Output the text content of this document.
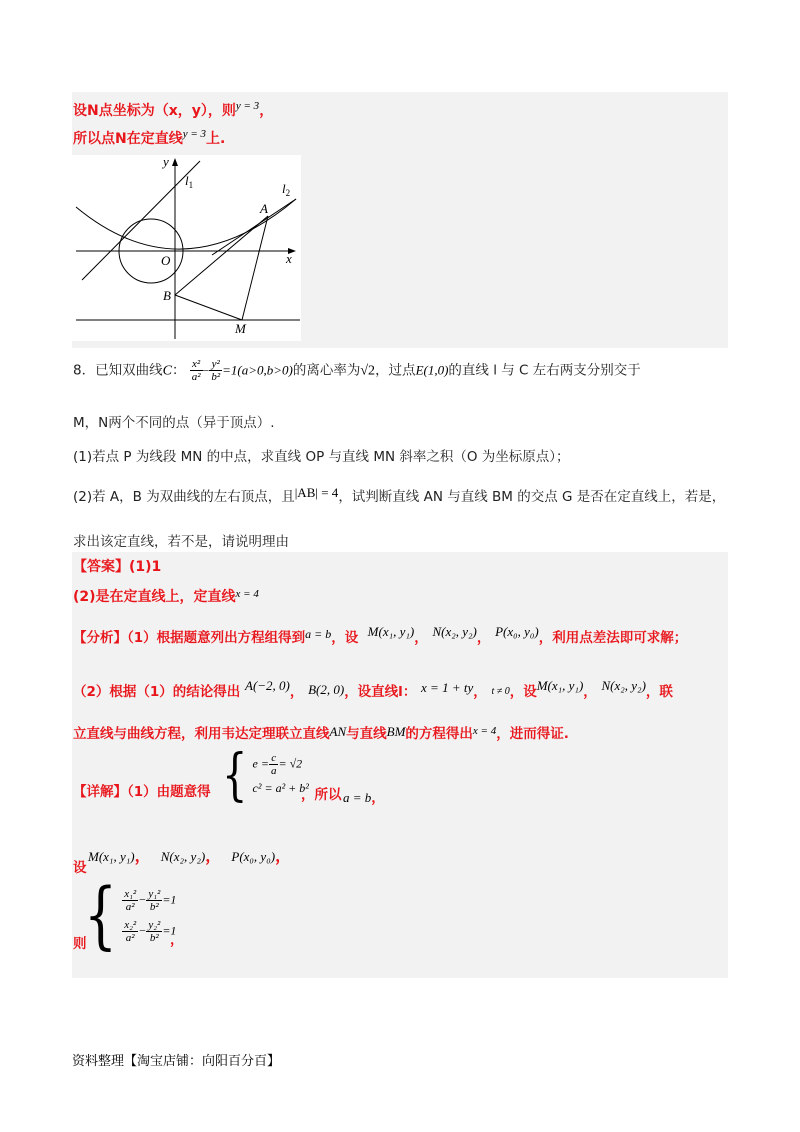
设N点坐标为（x，y），则$^{y = 3}$，
所以点N在定直线$^{y = 3}$上.
y
x
O
A
B
M
$l_1$	$l_2$
8．已知双曲线C： $\frac{\text{x²}}{\text{a²}} - \frac{\text{y²}}{\text{b²}} =1(a>0,b>0)$的离心率为√2，过点E(1,0)的直线 l 与 C 左右两支分别交于
M，N两个不同的点（异于顶点）.
(1)若点 P 为线段 MN 的中点，求直线 OP 与直线 MN 斜率之积（O 为坐标原点）；
(2)若 A，B 为双曲线的左右顶点，且|AB| = 4，试判断直线 AN 与直线 BM 的交点 G 是否在定直线上，若是，
求出该定直线，若不是，请说明理由
【答案】(1)1
(2)是在定直线上，定直线$^{x = 4}$
【分析】（1）根据题意列出方程组得到a = b，设 M(x₁, y₁)， N(x₂, y₂)， P(x₀, y₀)，利用点差法即可求解；
（2）根据（1）的结论得出 A(−2, 0)， B(2, 0)，设直线l： x = 1 + ty， t ≠ 0，设M(x₁, y₁)， N(x₂, y₂)，联
立直线与曲线方程，利用韦达定理联立直线AN与直线BM的方程得出$^{x = 4}$，进而得证.
【详解】（1）由题意得 { $e = \frac{c}{a} = √2$
c² = a² + b²
，所以 a = b，
设
M(x₁, y₁)， N(x₂, y₂)， P(x₀, y₀)，
则
{ $\frac{\text{x₁²}}{\text{a²}} - \frac{\text{y₁²}}{\text{b²}} =1$
$\frac{\text{x₂²}}{\text{a²}} - \frac{\text{y₂²}}{\text{b²}} =1$
，
资料整理【淘宝店铺：向阳百分百】
